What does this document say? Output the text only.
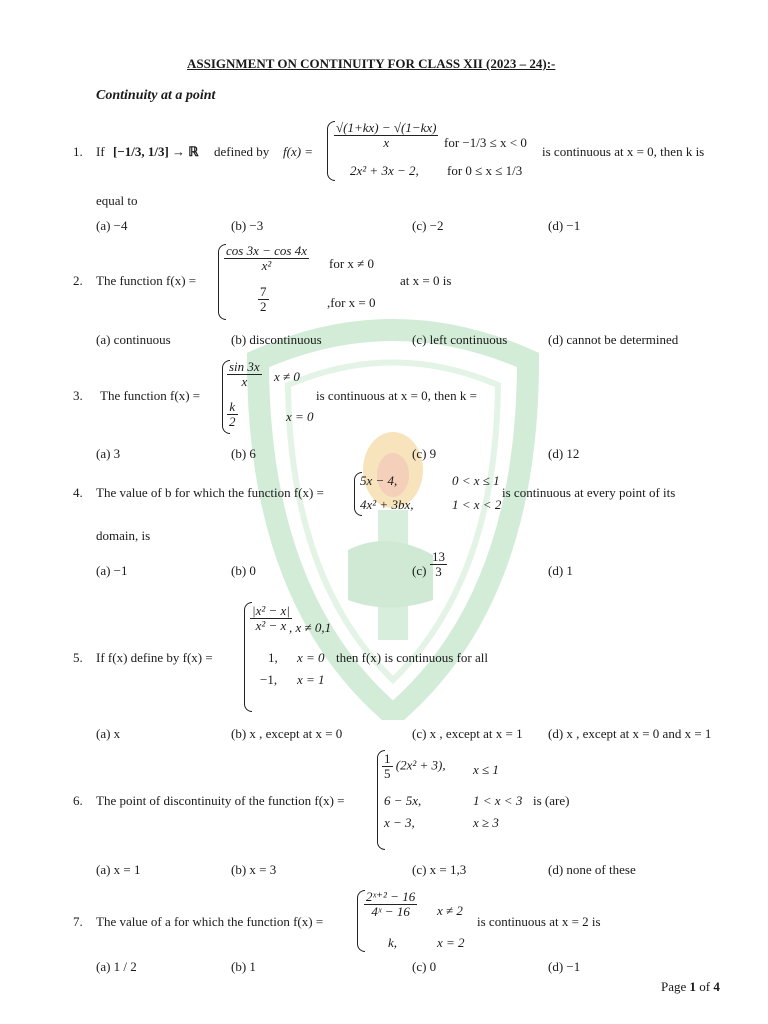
ASSIGNMENT ON CONTINUITY FOR CLASS XII (2023 – 24):-
Continuity at a point
1. If [−1/3, 1/3] → ℝ defined by f(x) =
$\frac{√(1+kx) - √(1-kx)}{x}$ for −1/3 ≤ x < 0
2x² + 3x − 2, for 0 ≤ x ≤ 1/3
is continuous at x = 0, then k is
equal to
(a) −4	(b) −3	(c) −2	(d) −1
2. The function f(x) =
$\frac{\cos 3x - \cos 4x}{\text{x²}}$ for x ≠ 0
$\frac{7}{2}$	,for x = 0
at x = 0 is
(a) continuous	(b) discontinuous	(c) left continuous	(d) cannot be determined
3. The function f(x) =
$\frac{\sin 3x}{x}$ x ≠ 0
$\frac{k}{2}$	x = 0
is continuous at x = 0, then k =
(a) 3	(b) 6	(c) 9	(d) 12
4. The value of b for which the function f(x) =
5x − 4,	0 < x ≤ 1
4x² + 3bx,	1 < x < 2
is continuous at every point of its
domain, is
(a) −1	(b) 0	$(c) \frac{13}{3}$	(d) 1
5. If f(x) define by f(x) =
$\frac{\text{|x² − x|}}{\text{x² − x}}$
, x ≠ 0,1
1, x = 0
−1, x = 1
then f(x) is continuous for all
(a) x	(b) x , except at x = 0	(c) x , except at x = 1 (d) x , except at x = 0 and x = 1
6. The point of discontinuity of the function f(x) =
$\frac{1}{5} (2x^2 + 3)$, x ≤ 1
6 − 5x,	1 < x < 3
x − 3,	x ≥ 3
is (are)
(a) x = 1	(b) x = 3	(c) x = 1,3	(d) none of these
7. The value of a for which the function f(x) =
$\frac{\text{2ˣ⁺² − 16}}{\text{4ˣ − 16}}$ x ≠ 2
k,	x = 2
is continuous at x = 2 is
(a) 1 / 2	(b) 1	(c) 0	(d) −1
Page 1 of 4
